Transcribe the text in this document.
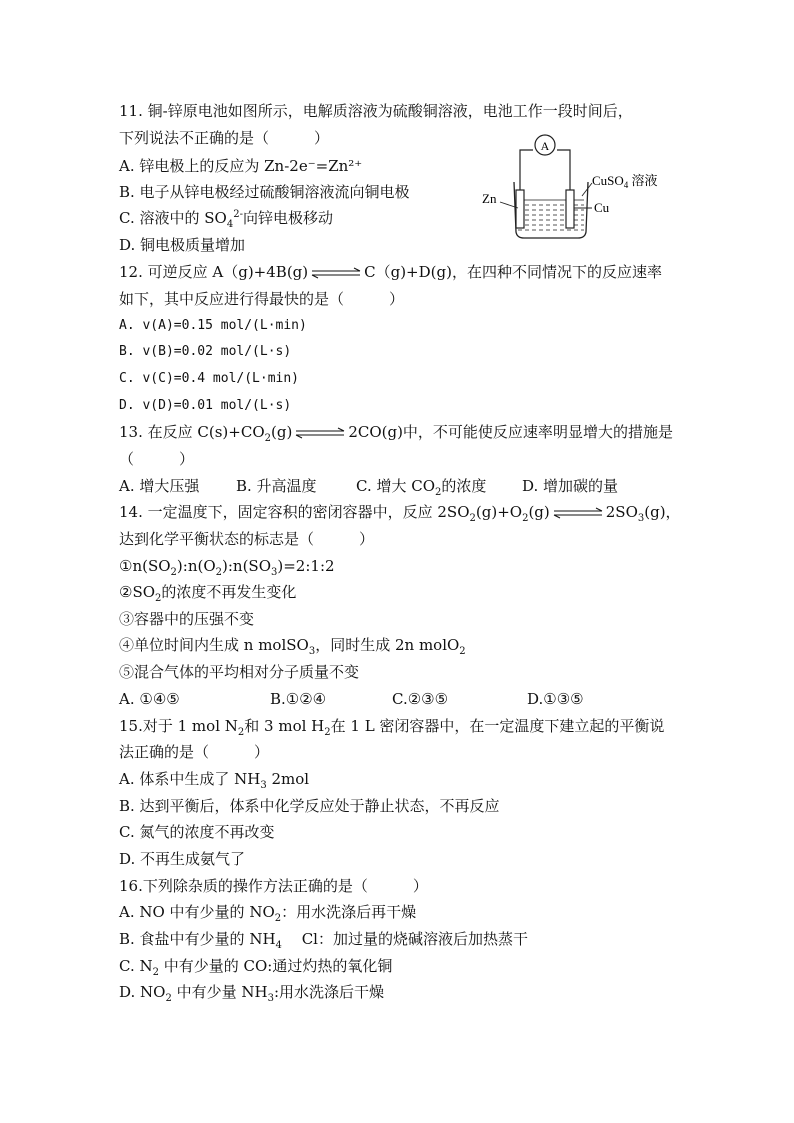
11. 铜-锌原电池如图所示，电解质溶液为硫酸铜溶液，电池工作一段时间后，
下列说法不正确的是（　　　）
A. 锌电极上的反应为 Zn-2e⁻=Zn²⁺
B. 电子从锌电极经过硫酸铜溶液流向铜电极
C. 溶液中的 $SO_4^{2-}$向锌电极移动
D. 铜电极质量增加
A
Zn
CuSO$_4$ 溶液
Cu
12. 可逆反应 A（g)+4B(g) ⇌ C（g)+D(g)，在四种不同情况下的反应速率
如下，其中反应进行得最快的是（　　　）
A. v(A)=0.15 mol/(L·min)
B. v(B)=0.02 mol/(L·s)
C. v(C)=0.4 mol/(L·min)
D. v(D)=0.01 mol/(L·s)
13. 在反应 $C(s)+CO_2(g)$ ⇌ 2CO(g)中，不可能使反应速率明显增大的措施是
（　　　）
A. 增大压强 B. 升高温度	C. 增大 $CO_2$的浓度 D. 增加碳的量
14. 一定温度下，固定容积的密闭容器中，反应 $2SO_2(g)+O_2(g)$ ⇌ $2SO_3(g)$，
达到化学平衡状态的标志是（　　　）
$①n(SO_2):n(O_2):n(SO_3)=2:1:2$
$②SO_2$的浓度不再发生变化
③容器中的压强不变
④单位时间内生成 n molSO$_3$，同时生成 2n molO$_2$
⑤混合气体的平均相对分子质量不变
A. ①④⑤	B.①②④	C.②③⑤	D.①③⑤
15.对于 1 mol $N_2$和 3 mol $H_2$在 1 L 密闭容器中，在一定温度下建立起的平衡说
法正确的是（　　　）
A. 体系中生成了 $NH_3$ 2mol
B. 达到平衡后，体系中化学反应处于静止状态，不再反应
C. 氮气的浓度不再改变
D. 不再生成氨气了
16.下列除杂质的操作方法正确的是（　　　）
A. NO 中有少量的 $NO_2$：用水洗涤后再干燥
B. 食盐中有少量的 $NH_4$　 Cl：加过量的烧碱溶液后加热蒸干
C. $N_2$ 中有少量的 CO:通过灼热的氧化铜
D. $NO_2$ 中有少量 $NH_3$:用水洗涤后干燥
